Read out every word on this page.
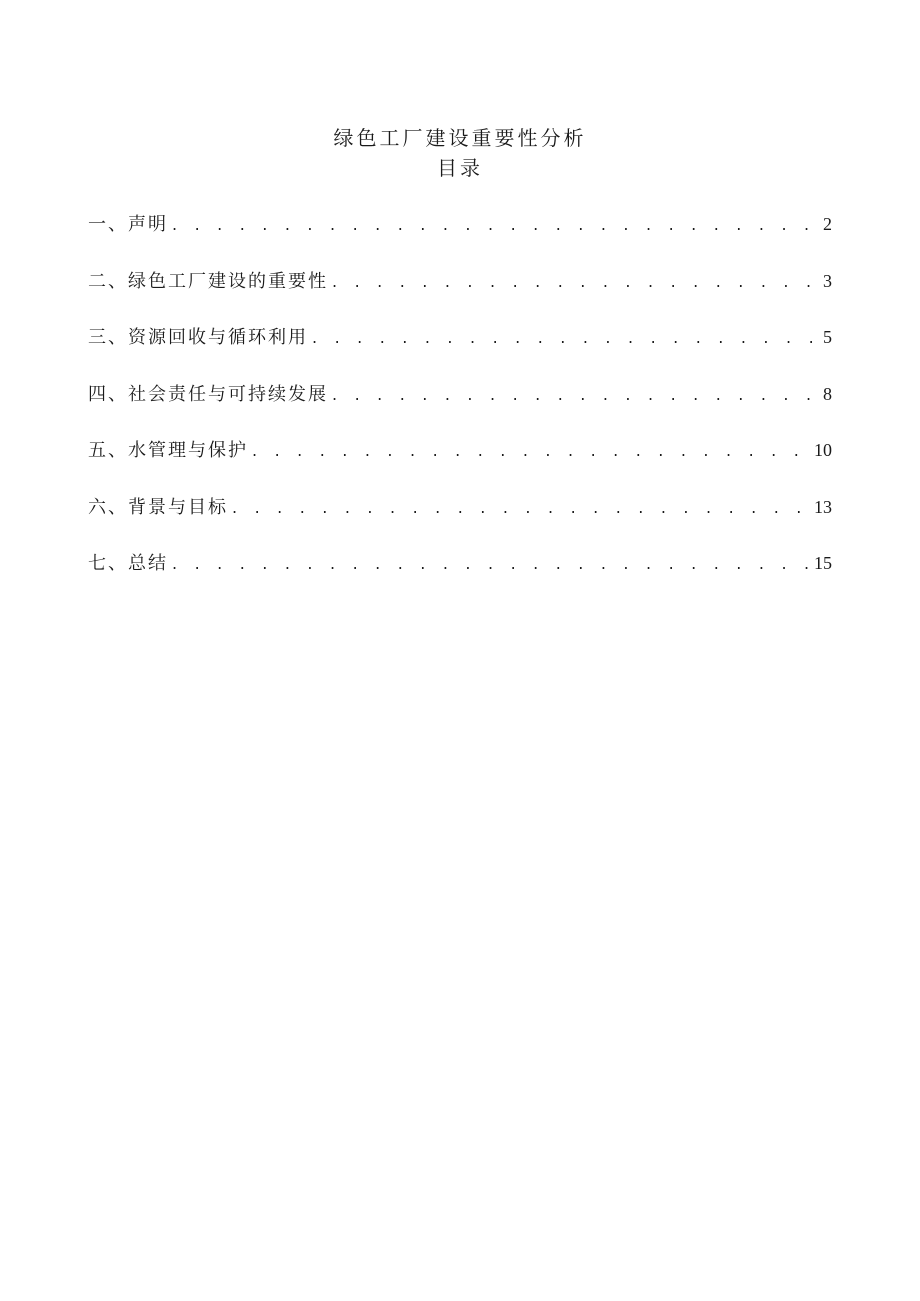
绿色工厂建设重要性分析
目录
一、声明 . . .	2
二、绿色工厂建设的重要性 . . .	3
三、资源回收与循环利用 . . .	5
四、社会责任与可持续发展 . . .	8
五、水管理与保护 . . .	10
六、背景与目标 . . .	13
七、总结 . . .	15
